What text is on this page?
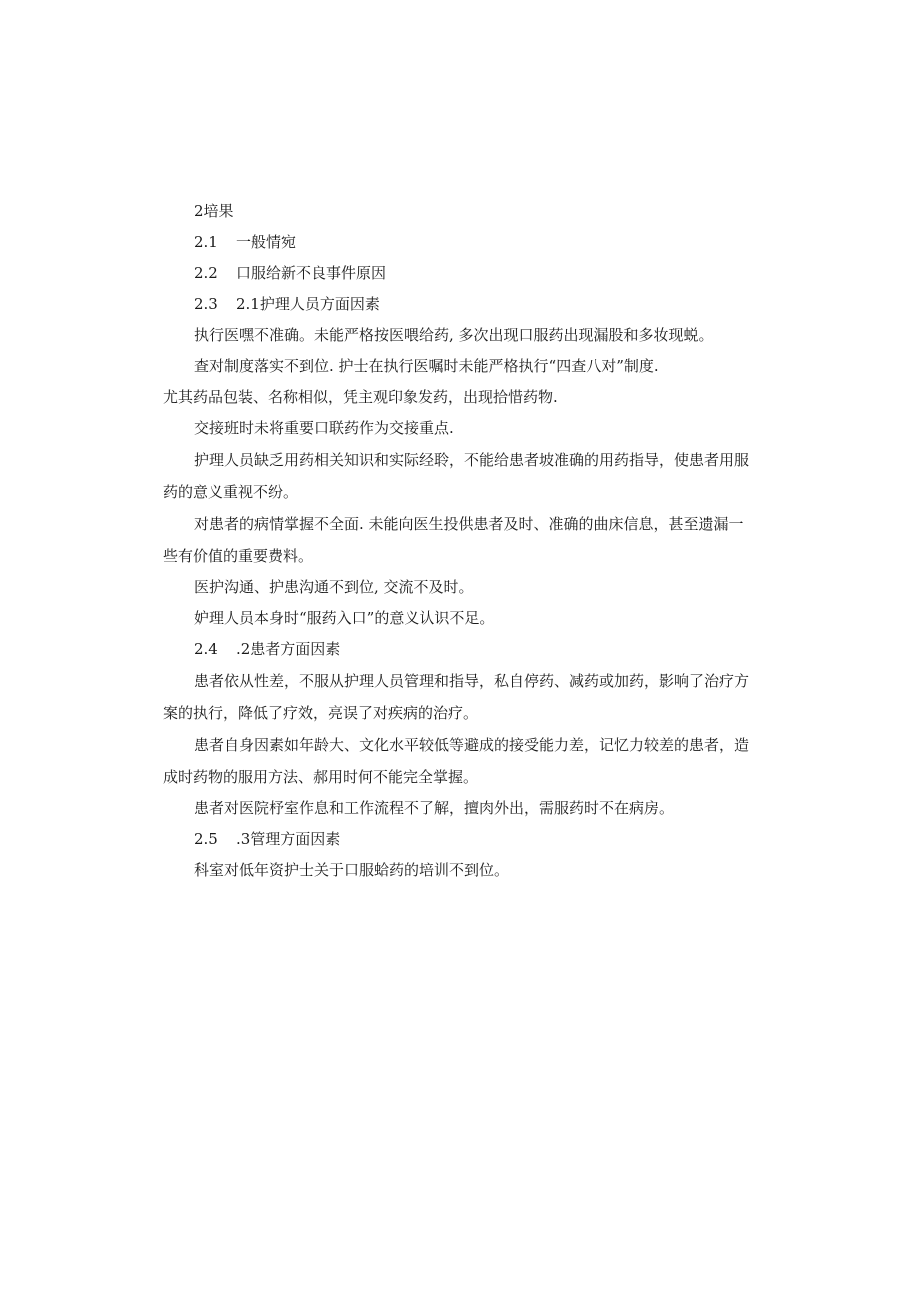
2培果
2.1 一般情宛
2.2 口服给新不良事件原因
2.3 2.1护理人员方面因素

执行医嘿不准确。未能严格按医喂给药, 多次出现口服药出现漏股和多妆现蜕。

查对制度落实不到位. 护士在执行医嘱时未能严格执行“四查八对”制度.

尤其药品包装、名称相似，凭主观印象发药，出现拾惜药物.

交接班时未将重要口联药作为交接重点.

护理人员缺乏用药相关知识和实际经聆，不能给患者坡准确的用药指导，使患者用服药的意义重视不纷。

对患者的病情掌握不全面. 未能向医生投供患者及时、准确的曲床信息，甚至遗漏一些有价值的重要费料。

医护沟通、护患沟通不到位, 交流不及时。

妒理人员本身时“服药入口”的意义认识不足。

2.4 .2患者方面因素

患者依从性差，不服从护理人员管理和指导，私自停药、减药或加药，影响了治疗方案的执行，降低了疗效，亮误了对疾病的治疗。

患者自身因素如年龄大、文化水平较低等避成的接受能力差，记忆力较差的患者，造成时药物的服用方法、郝用时何不能完全掌握。

患者对医院杼室作息和工作流程不了解，擅肉外出，需服药时不在病房。

2.5 .3管理方面因素

科室对低年资护士关于口服蛤药的培训不到位。
